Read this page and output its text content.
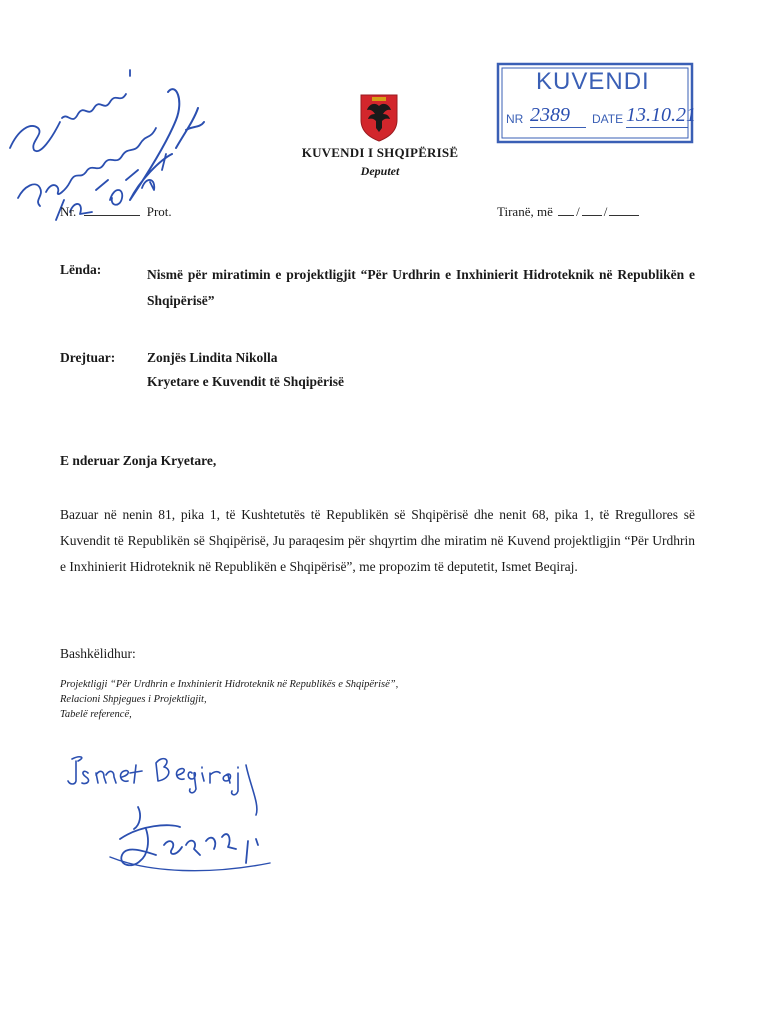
KUVENDI I SHQIPËRISË
Deputet
KUVENDI
NR 2389	DATE 13.10.21
Nr.	Prot.	Tiranë, më / /
Lënda:	Nismë për miratimin e projektligjit “Për Urdhrin e Inxhinierit Hidroteknik në Republikën e Shqipërisë”
Drejtuar: Zonjës Lindita Nikolla
Kryetare e Kuvendit të Shqipërisë
E nderuar Zonja Kryetare,
Bazuar në nenin 81, pika 1, të Kushtetutës të Republikën së Shqipërisë dhe nenit 68, pika 1, të Rregullores së Kuvendit të Republikën së Shqipërisë, Ju paraqesim për shqyrtim dhe miratim në Kuvend projektligjin “Për Urdhrin e Inxhinierit Hidroteknik në Republikën e Shqipërisë”, me propozim të deputetit, Ismet Beqiraj.
Bashkëlidhur:
Projektligji “Për Urdhrin e Inxhinierit Hidroteknik në Republikës e Shqipërisë”,
Relacioni Shpjegues i Projektligjit,
Tabelë referencë,
